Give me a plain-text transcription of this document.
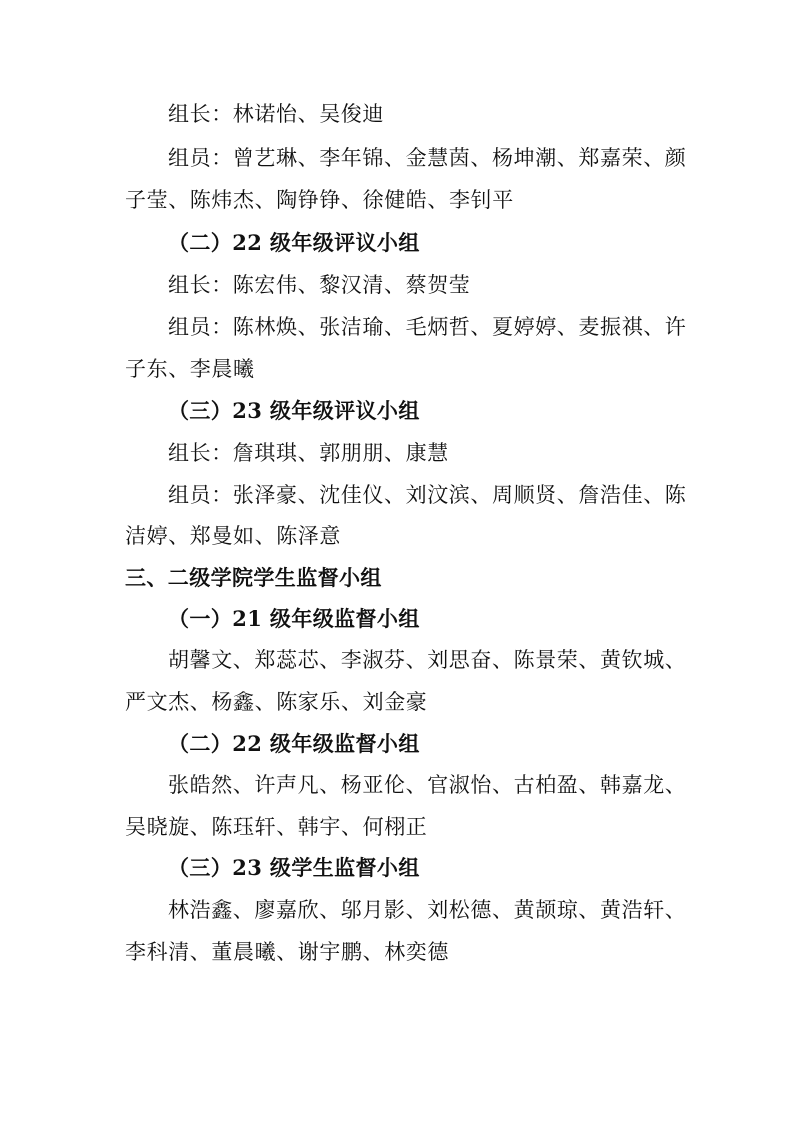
组长：林诺怡、吴俊迪
组员：曾艺琳、李年锦、金慧茵、杨坤潮、郑嘉荣、颜
子莹、陈炜杰、陶铮铮、徐健皓、李钊平
（二）22 级年级评议小组
组长：陈宏伟、黎汉清、蔡贺莹
组员：陈林焕、张洁瑜、毛炳哲、夏婷婷、麦振祺、许
子东、李晨曦
（三）23 级年级评议小组
组长：詹琪琪、郭朋朋、康慧
组员：张泽豪、沈佳仪、刘汶滨、周顺贤、詹浩佳、陈
洁婷、郑曼如、陈泽意
三、二级学院学生监督小组
（一）21 级年级监督小组
胡馨文、郑蕊芯、李淑芬、刘思奋、陈景荣、黄钦城、
严文杰、杨鑫、陈家乐、刘金豪
（二）22 级年级监督小组
张皓然、许声凡、杨亚伦、官淑怡、古柏盈、韩嘉龙、
吴晓旋、陈珏轩、韩宇、何栩正
（三）23 级学生监督小组
林浩鑫、廖嘉欣、邬月影、刘松德、黄颉琼、黄浩轩、
李科清、董晨曦、谢宇鹏、林奕德
